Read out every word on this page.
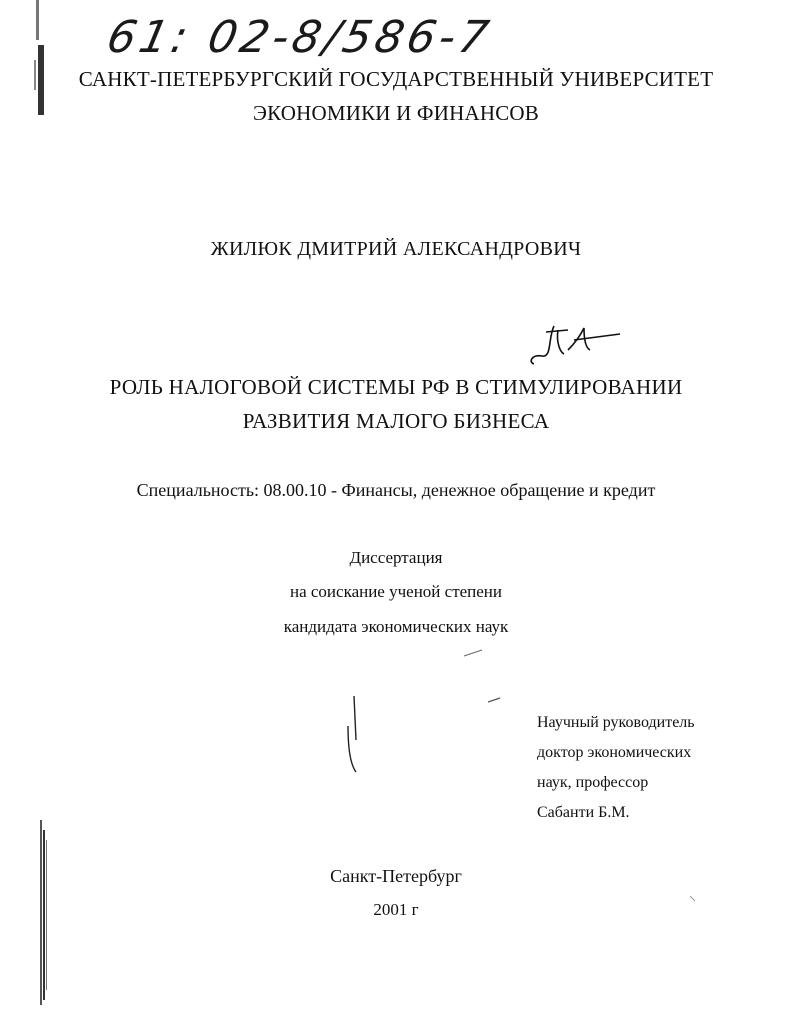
61: 02-8/586-7
САНКТ-ПЕТЕРБУРГСКИЙ ГОСУДАРСТВЕННЫЙ УНИВЕРСИТЕТ
ЭКОНОМИКИ И ФИНАНСОВ
ЖИЛЮК ДМИТРИЙ АЛЕКСАНДРОВИЧ
РОЛЬ НАЛОГОВОЙ СИСТЕМЫ РФ В СТИМУЛИРОВАНИИ
РАЗВИТИЯ МАЛОГО БИЗНЕСА
Специальность: 08.00.10 - Финансы, денежное обращение и кредит
Диссертация
на соискание ученой степени
кандидата экономических наук
Научный руководитель
доктор экономических
наук, профессор
Сабанти Б.М.
Санкт-Петербург
2001 г
